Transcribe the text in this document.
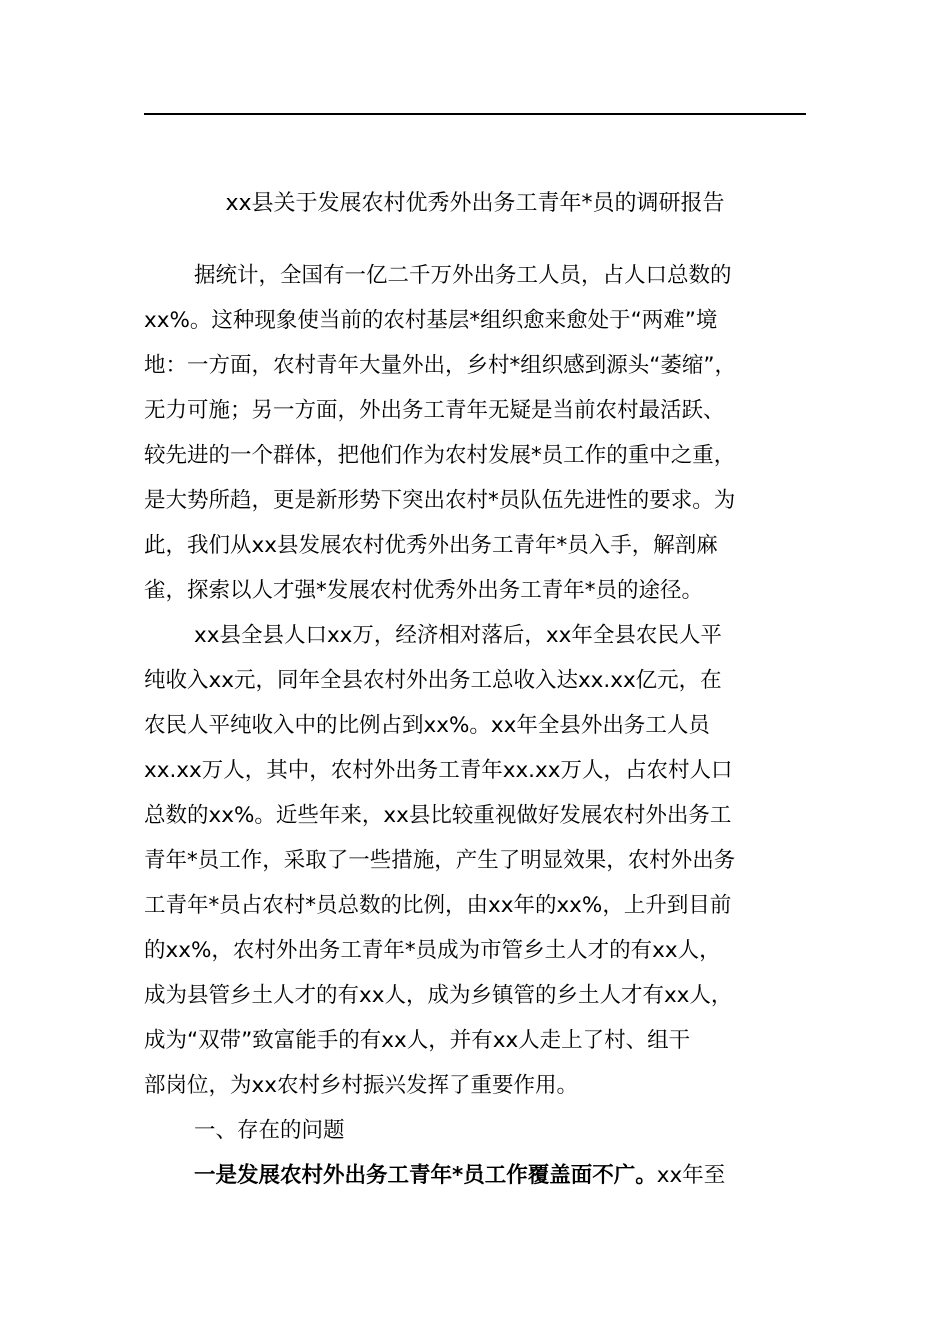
xx县关于发展农村优秀外出务工青年*员的调研报告
据统计，全国有一亿二千万外出务工人员，占人口总数的
xx%。这种现象使当前的农村基层*组织愈来愈处于“两难”境
地：一方面，农村青年大量外出，乡村*组织感到源头“萎缩”，
无力可施；另一方面，外出务工青年无疑是当前农村最活跃、
较先进的一个群体，把他们作为农村发展*员工作的重中之重，
是大势所趋，更是新形势下突出农村*员队伍先进性的要求。为
此，我们从xx县发展农村优秀外出务工青年*员入手，解剖麻
雀，探索以人才强*发展农村优秀外出务工青年*员的途径。
xx县全县人口xx万，经济相对落后，xx年全县农民人平
纯收入xx元，同年全县农村外出务工总收入达xx.xx亿元，在
农民人平纯收入中的比例占到xx%。xx年全县外出务工人员
xx.xx万人，其中，农村外出务工青年xx.xx万人，占农村人口
总数的xx%。近些年来，xx县比较重视做好发展农村外出务工
青年*员工作，采取了一些措施，产生了明显效果，农村外出务
工青年*员占农村*员总数的比例，由xx年的xx%，上升到目前
的xx%，农村外出务工青年*员成为市管乡土人才的有xx人，
成为县管乡土人才的有xx人，成为乡镇管的乡土人才有xx人，
成为“双带”致富能手的有xx人，并有xx人走上了村、组干
部岗位，为xx农村乡村振兴发挥了重要作用。
一、存在的问题
一是发展农村外出务工青年*员工作覆盖面不广。xx年至
